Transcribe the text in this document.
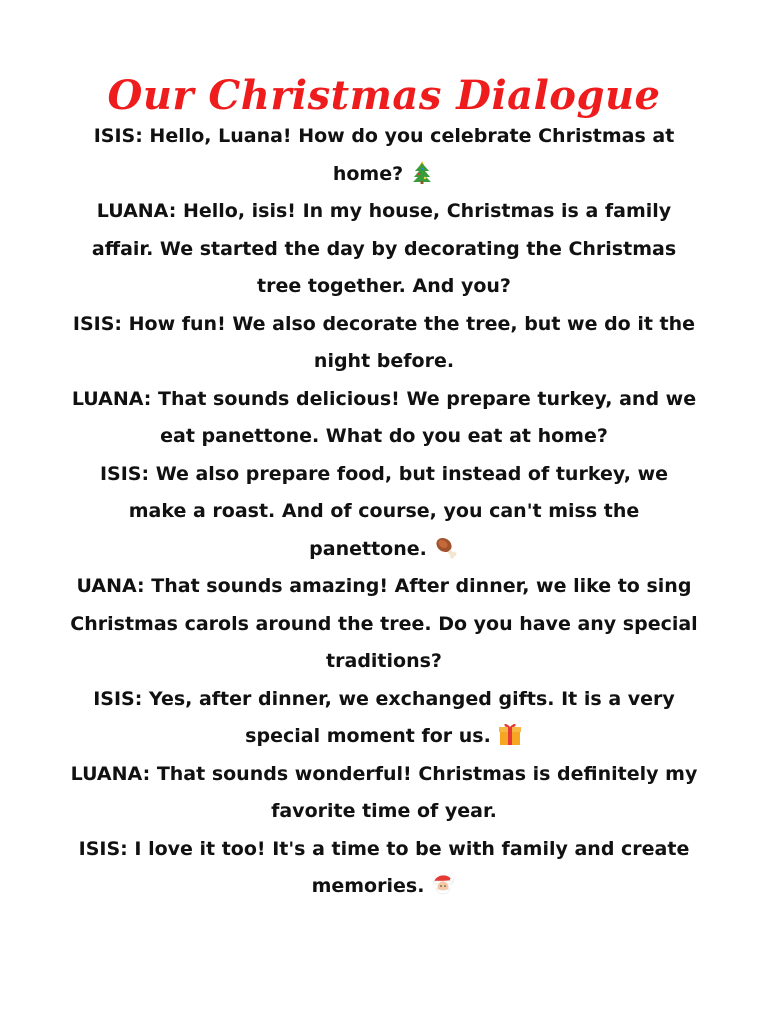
Our Christmas Dialogue

ISIS: Hello, Luana! How do you celebrate Christmas at home?

LUANA: Hello, isis! In my house, Christmas is a family affair. We started the day by decorating the Christmas tree together. And you?

ISIS: How fun! We also decorate the tree, but we do it the night before.

LUANA: That sounds delicious! We prepare turkey, and we eat panettone. What do you eat at home?

ISIS: We also prepare food, but instead of turkey, we make a roast. And of course, you can't miss the panettone.

UANA: That sounds amazing! After dinner, we like to sing Christmas carols around the tree. Do you have any special traditions?

ISIS: Yes, after dinner, we exchanged gifts. It is a very special moment for us.

LUANA: That sounds wonderful! Christmas is definitely my favorite time of year.

ISIS: I love it too! It's a time to be with family and create memories.
